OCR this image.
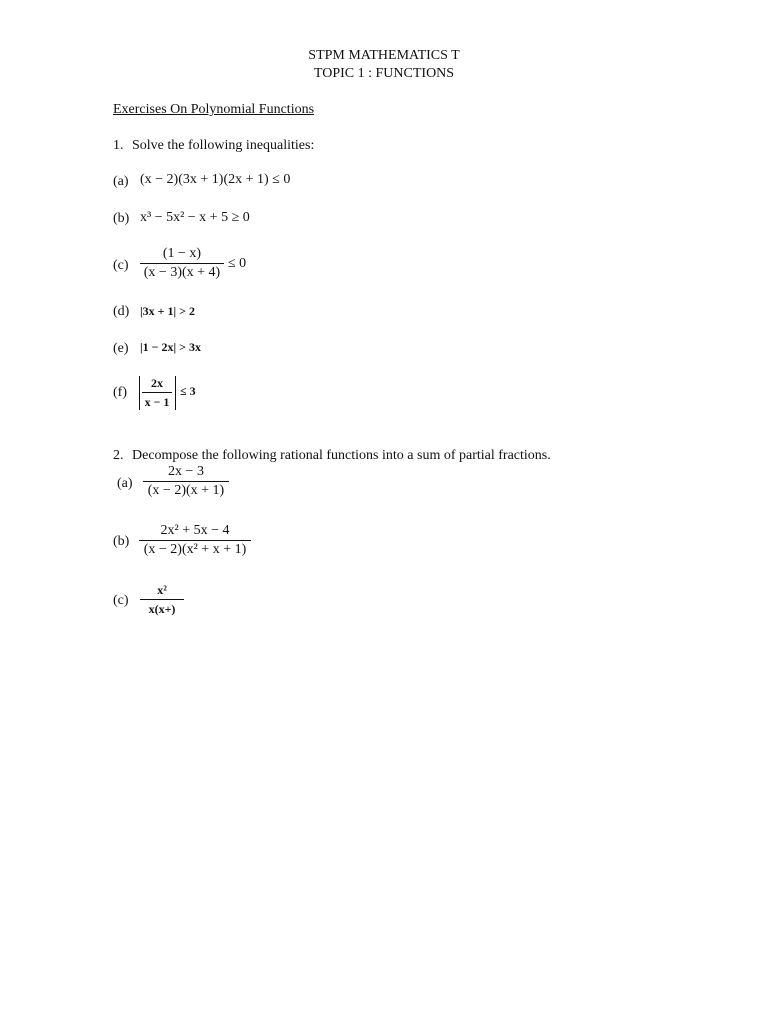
STPM MATHEMATICS T
TOPIC 1 : FUNCTIONS
Exercises On Polynomial Functions
1. Solve the following inequalities:
(a) (x − 2)(3x + 1)(2x + 1) ≤ 0
(b) x³ − 5x² − x + 5 ≥ 0
(c)
(1 − x)
(x − 3)(x + 4)
≤ 0
(d) |3x + 1| > 2
(e) |1 − 2x| > 3x
(f)
2x
x − 1
≤ 3
2. Decompose the following rational functions into a sum of partial fractions.
(a)
2x − 3
(x − 2)(x + 1)
(b)
2x² + 5x − 4
(x − 2)(x² + x + 1)
(c)
x²
x(x+)
